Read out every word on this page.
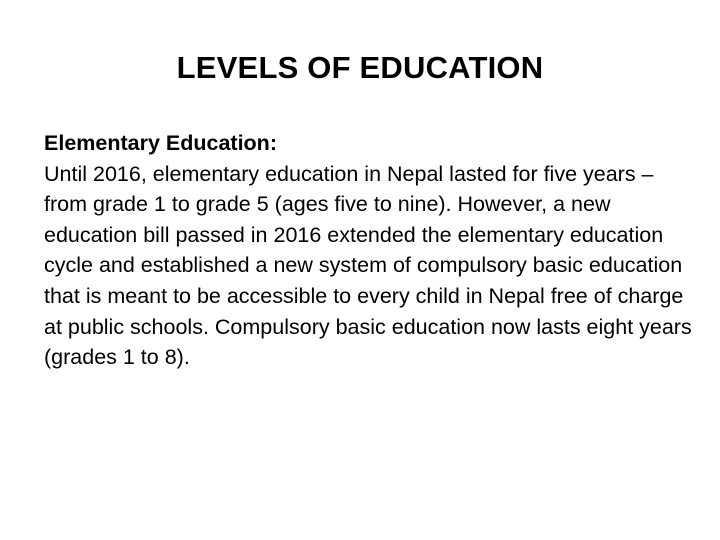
LEVELS OF EDUCATION
Elementary Education:
Until 2016, elementary education in Nepal lasted for five years – from grade 1 to grade 5 (ages five to nine). However, a new education bill passed in 2016 extended the elementary education cycle and established a new system of compulsory basic education that is meant to be accessible to every child in Nepal free of charge at public schools. Compulsory basic education now lasts eight years (grades 1 to 8).
